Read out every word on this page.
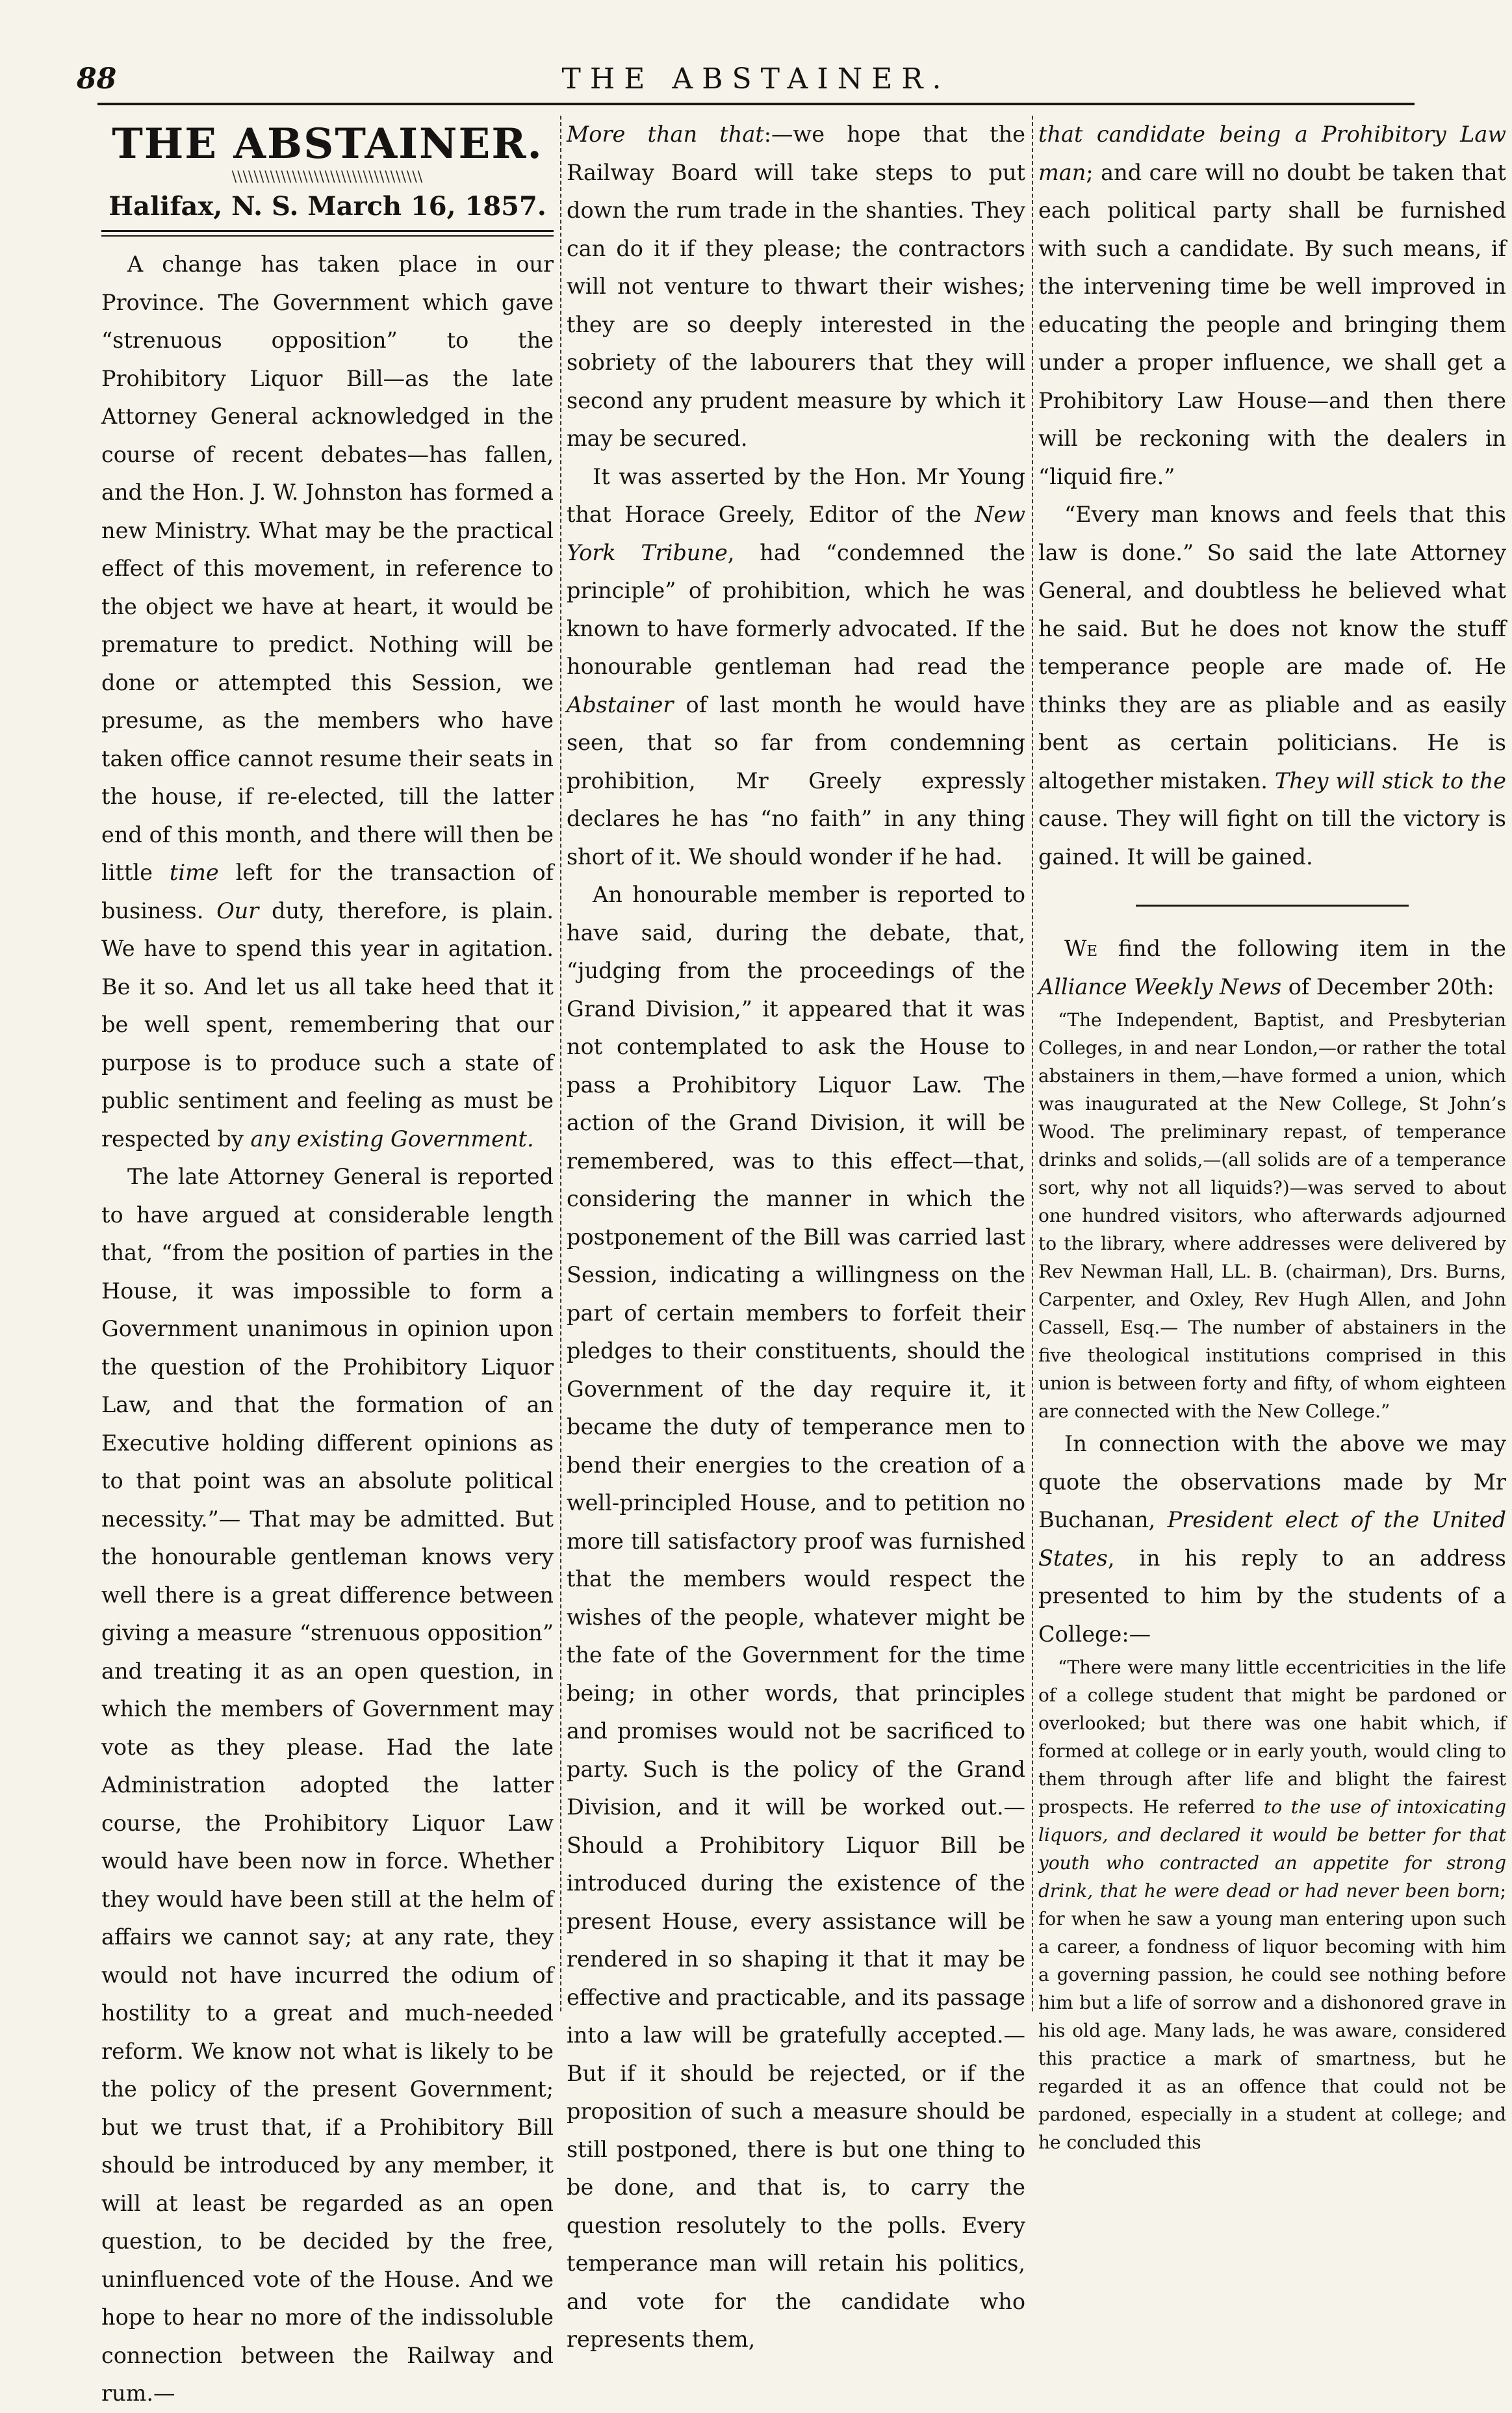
88	THE ABSTAINER.
THE ABSTAINER.
\\\\\\\\\\\\\\\\\\\\\\\\\\\\\\\\\\\
Halifax, N. S. March 16, 1857.

A change has taken place in our Province. The Government which gave “strenuous opposition” to the Prohibitory Liquor Bill—as the late Attorney General acknowledged in the course of recent debates—has fallen, and the Hon. J. W. Johnston has formed a new Ministry. What may be the practical effect of this movement, in reference to the object we have at heart, it would be premature to predict. Nothing will be done or attempted this Session, we presume, as the members who have taken office cannot resume their seats in the house, if re-elected, till the latter end of this month, and there will then be little time left for the transaction of business. Our duty, therefore, is plain. We have to spend this year in agitation. Be it so. And let us all take heed that it be well spent, remembering that our purpose is to produce such a state of public sentiment and feeling as must be respected by any existing Government.

The late Attorney General is reported to have argued at considerable length that, “from the position of parties in the House, it was impossible to form a Government unanimous in opinion upon the question of the Prohibitory Liquor Law, and that the formation of an Executive holding different opinions as to that point was an absolute political necessity.”— That may be admitted. But the honourable gentleman knows very well there is a great difference between giving a measure “strenuous opposition” and treating it as an open question, in which the members of Government may vote as they please. Had the late Administration adopted the latter course, the Prohibitory Liquor Law would have been now in force. Whether they would have been still at the helm of affairs we cannot say; at any rate, they would not have incurred the odium of hostility to a great and much-needed reform. We know not what is likely to be the policy of the present Government; but we trust that, if a Prohibitory Bill should be introduced by any member, it will at least be regarded as an open question, to be decided by the free, uninfluenced vote of the House. And we hope to hear no more of the indissoluble connection between the Railway and rum.—

More than that:—we hope that the Railway Board will take steps to put down the rum trade in the shanties. They can do it if they please; the contractors will not venture to thwart their wishes; they are so deeply interested in the sobriety of the labourers that they will second any prudent measure by which it may be secured.

It was asserted by the Hon. Mr Young that Horace Greely, Editor of the New York Tribune, had “condemned the principle” of prohibition, which he was known to have formerly advocated. If the honourable gentleman had read the Abstainer of last month he would have seen, that so far from condemning prohibition, Mr Greely expressly declares he has “no faith” in any thing short of it. We should wonder if he had.

An honourable member is reported to have said, during the debate, that, “judging from the proceedings of the Grand Division,” it appeared that it was not contemplated to ask the House to pass a Prohibitory Liquor Law. The action of the Grand Division, it will be remembered, was to this effect—that, considering the manner in which the postponement of the Bill was carried last Session, indicating a willingness on the part of certain members to forfeit their pledges to their constituents, should the Government of the day require it, it became the duty of temperance men to bend their energies to the creation of a well-principled House, and to petition no more till satisfactory proof was furnished that the members would respect the wishes of the people, whatever might be the fate of the Government for the time being; in other words, that principles and promises would not be sacrificed to party. Such is the policy of the Grand Division, and it will be worked out.— Should a Prohibitory Liquor Bill be introduced during the existence of the present House, every assistance will be rendered in so shaping it that it may be effective and practicable, and its passage into a law will be gratefully accepted.— But if it should be rejected, or if the proposition of such a measure should be still postponed, there is but one thing to be done, and that is, to carry the question resolutely to the polls. Every temperance man will retain his politics, and vote for the candidate who represents them,

that candidate being a Prohibitory Law man; and care will no doubt be taken that each political party shall be furnished with such a candidate. By such means, if the intervening time be well improved in educating the people and bringing them under a proper influence, we shall get a Prohibitory Law House—and then there will be reckoning with the dealers in “liquid fire.”

“Every man knows and feels that this law is done.” So said the late Attorney General, and doubtless he believed what he said. But he does not know the stuff temperance people are made of. He thinks they are as pliable and as easily bent as certain politicians. He is altogether mistaken. They will stick to the cause. They will fight on till the victory is gained. It will be gained.

We find the following item in the Alliance Weekly News of December 20th:

“The Independent, Baptist, and Presbyterian Colleges, in and near London,—or rather the total abstainers in them,—have formed a union, which was inaugurated at the New College, St John’s Wood. The preliminary repast, of temperance drinks and solids,—(all solids are of a temperance sort, why not all liquids?)—was served to about one hundred visitors, who afterwards adjourned to the library, where addresses were delivered by Rev Newman Hall, LL. B. (chairman), Drs. Burns, Carpenter, and Oxley, Rev Hugh Allen, and John Cassell, Esq.— The number of abstainers in the five theological institutions comprised in this union is between forty and fifty, of whom eighteen are connected with the New College.”

In connection with the above we may quote the observations made by Mr Buchanan, President elect of the United States, in his reply to an address presented to him by the students of a College:—

“There were many little eccentricities in the life of a college student that might be pardoned or overlooked; but there was one habit which, if formed at college or in early youth, would cling to them through after life and blight the fairest prospects. He referred to the use of intoxicating liquors, and declared it would be better for that youth who contracted an appetite for strong drink, that he were dead or had never been born; for when he saw a young man entering upon such a career, a fondness of liquor becoming with him a governing passion, he could see nothing before him but a life of sorrow and a dishonored grave in his old age. Many lads, he was aware, considered this practice a mark of smartness, but he regarded it as an offence that could not be pardoned, especially in a student at college; and he concluded this
